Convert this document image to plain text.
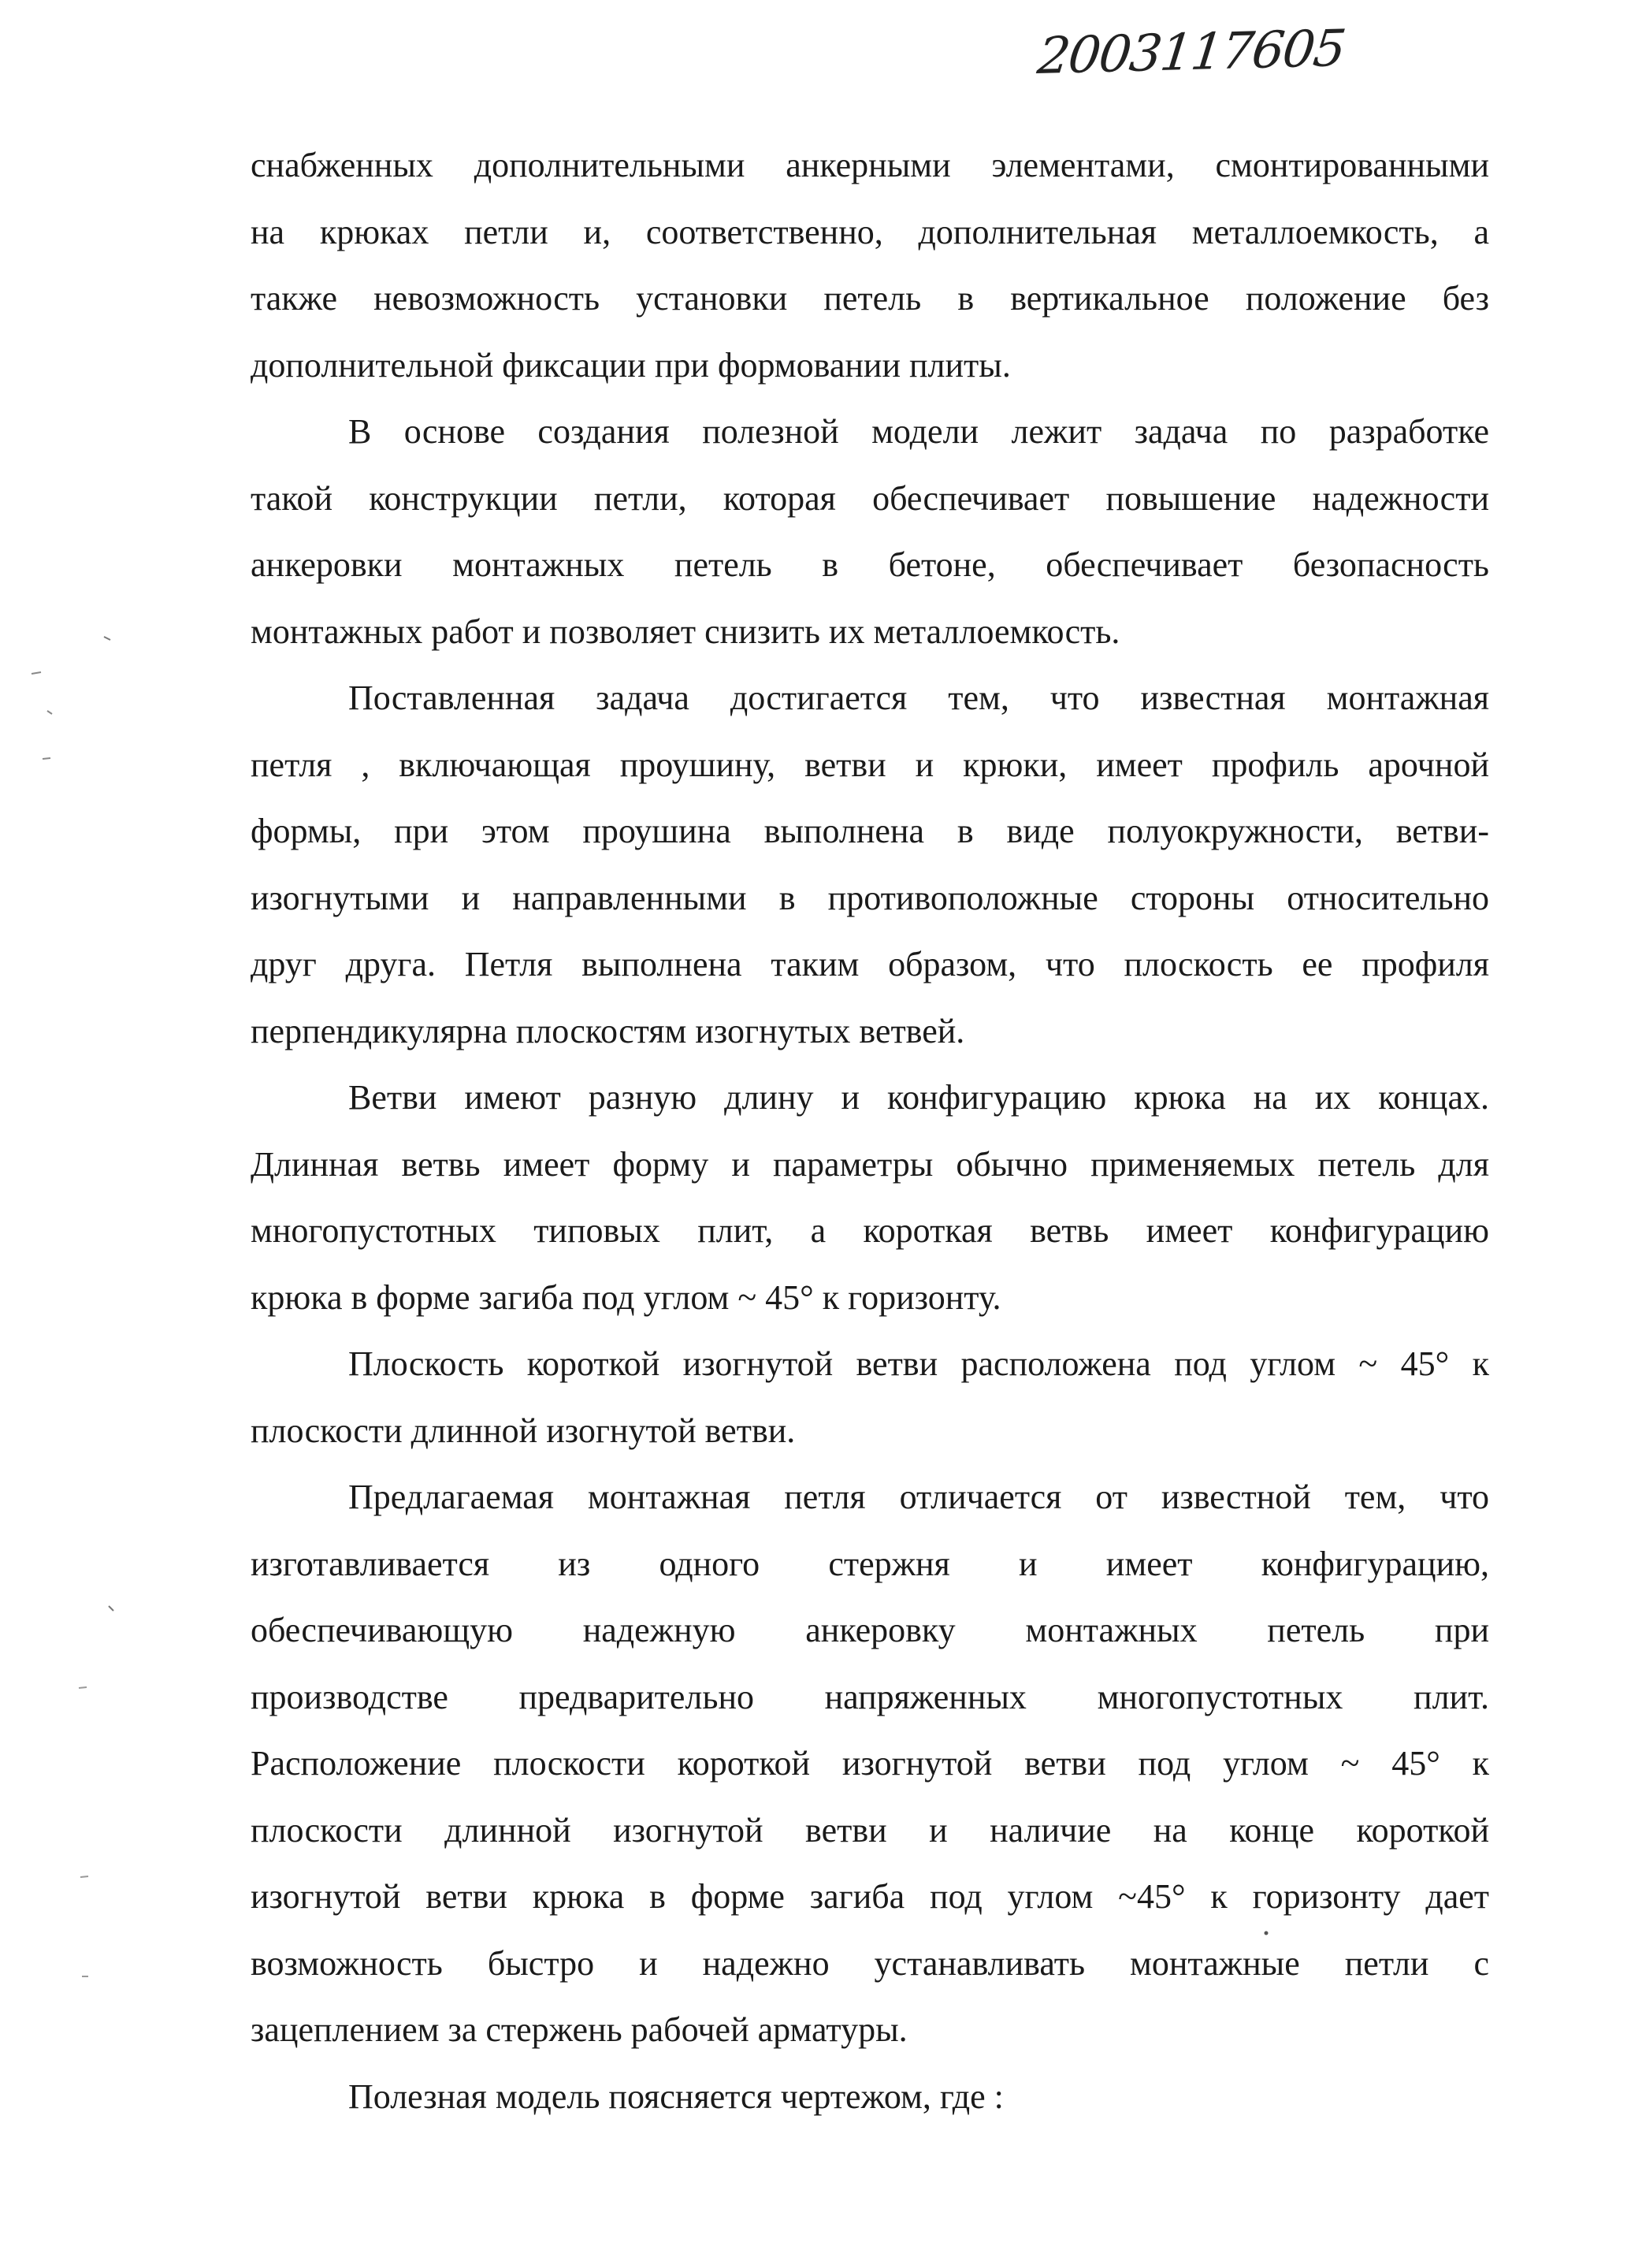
2003117605
снабженных дополнительными анкерными элементами, смонтированными
на крюках петли и, соответственно, дополнительная металлоемкость, а
также невозможность установки петель в вертикальное положение без
дополнительной фиксации при формовании плиты.
В основе создания полезной модели лежит задача по разработке
такой конструкции петли, которая обеспечивает повышение надежности
анкеровки монтажных петель в бетоне, обеспечивает безопасность
монтажных работ и позволяет снизить их металлоемкость.
Поставленная задача достигается тем, что известная монтажная
петля , включающая проушину, ветви и крюки, имеет профиль арочной
формы, при этом проушина выполнена в виде полуокружности, ветви-
изогнутыми и направленными в противоположные стороны относительно
друг друга. Петля выполнена таким образом, что плоскость ее профиля
перпендикулярна плоскостям изогнутых ветвей.
Ветви имеют разную длину и конфигурацию крюка на их концах.
Длинная ветвь имеет форму и параметры обычно применяемых петель для
многопустотных типовых плит, а короткая ветвь имеет конфигурацию
крюка в форме загиба под углом ~ 45° к горизонту.
Плоскость короткой изогнутой ветви расположена под углом ~ 45° к
плоскости длинной изогнутой ветви.
Предлагаемая монтажная петля отличается от известной тем, что
изготавливается из одного стержня и имеет конфигурацию,
обеспечивающую надежную анкеровку монтажных петель при
производстве предварительно напряженных многопустотных плит.
Расположение плоскости короткой изогнутой ветви под углом ~ 45° к
плоскости длинной изогнутой ветви и наличие на конце короткой
изогнутой ветви крюка в форме загиба под углом ~45° к горизонту дает
возможность быстро и надежно устанавливать монтажные петли с
зацеплением за стержень рабочей арматуры.
Полезная модель поясняется чертежом, где :
